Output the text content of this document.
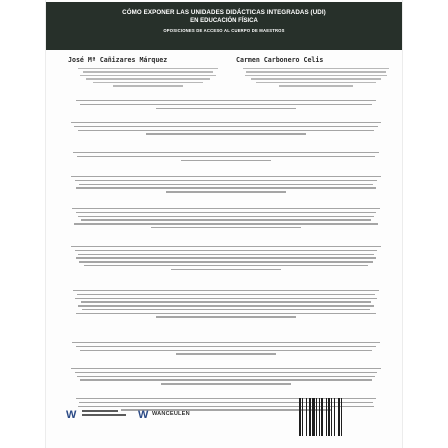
CÓMO EXPONER LAS UNIDADES DIDÁCTICAS INTEGRADAS (UDI)
EN EDUCACIÓN FÍSICA
OPOSICIONES DE ACCESO AL CUERPO DE MAESTROS
José Mª Cañizares Márquez	Carmen Carbonero Celis
W	W WANCEULEN
